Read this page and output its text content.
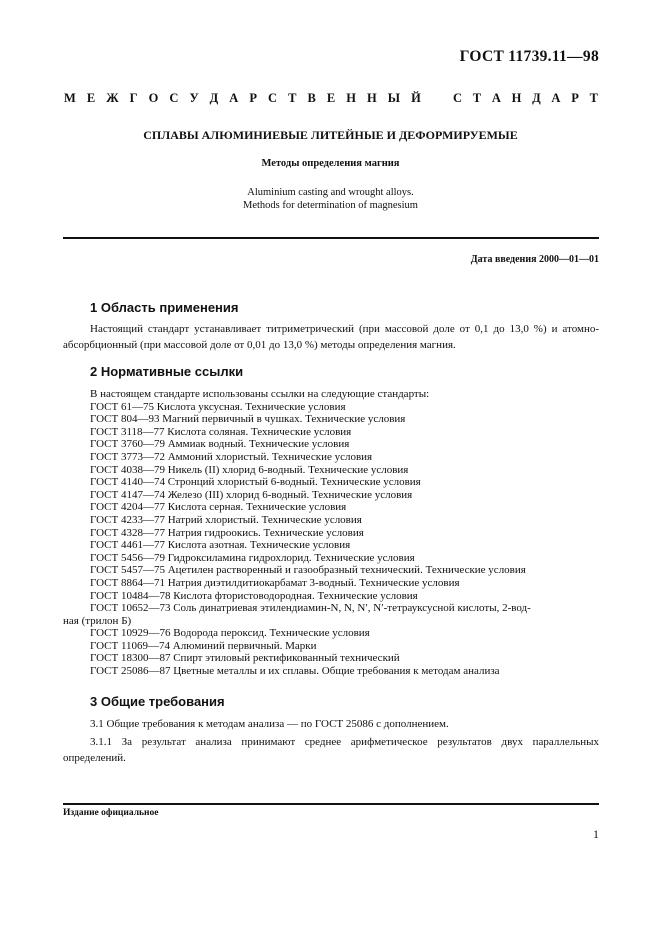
ГОСТ 11739.11—98
М Е Ж Г О С У Д А Р С Т В Е Н Н Ы Й	С Т А Н Д А Р Т
СПЛАВЫ АЛЮМИНИЕВЫЕ ЛИТЕЙНЫЕ И ДЕФОРМИРУЕМЫЕ
Методы определения магния
Aluminium casting and wrought alloys.
Methods for determination of magnesium
Дата введения 2000—01—01
1 Область применения
Настоящий стандарт устанавливает титриметрический (при массовой доле от 0,1 до 13,0 %) и атомно-абсорбционный (при массовой доле от 0,01 до 13,0 %) методы определения магния.
2 Нормативные ссылки
В настоящем стандарте использованы ссылки на следующие стандарты:
ГОСТ 61—75 Кислота уксусная. Технические условия
ГОСТ 804—93 Магний первичный в чушках. Технические условия
ГОСТ 3118—77 Кислота соляная. Технические условия
ГОСТ 3760—79 Аммиак водный. Технические условия
ГОСТ 3773—72 Аммоний хлористый. Технические условия
ГОСТ 4038—79 Никель (II) хлорид 6-водный. Технические условия
ГОСТ 4140—74 Стронций хлористый 6-водный. Технические условия
ГОСТ 4147—74 Железо (III) хлорид 6-водный. Технические условия
ГОСТ 4204—77 Кислота серная. Технические условия
ГОСТ 4233—77 Натрий хлористый. Технические условия
ГОСТ 4328—77 Натрия гидроокись. Технические условия
ГОСТ 4461—77 Кислота азотная. Технические условия
ГОСТ 5456—79 Гидроксиламина гидрохлорид. Технические условия
ГОСТ 5457—75 Ацетилен растворенный и газообразный технический. Технические условия
ГОСТ 8864—71 Натрия диэтилдитиокарбамат 3-водный. Технические условия
ГОСТ 10484—78 Кислота фтористоводородная. Технические условия
ГОСТ 10652—73 Соль динатриевая этилендиамин-N, N, N′, N′-тетрауксусной кислоты, 2-вод-
ная (трилон Б)
ГОСТ 10929—76 Водорода пероксид. Технические условия
ГОСТ 11069—74 Алюминий первичный. Марки
ГОСТ 18300—87 Спирт этиловый ректификованный технический
ГОСТ 25086—87 Цветные металлы и их сплавы. Общие требования к методам анализа
3 Общие требования
3.1 Общие требования к методам анализа — по ГОСТ 25086 с дополнением.
3.1.1 За результат анализа принимают среднее арифметическое результатов двух параллельных определений.
Издание официальное
1
